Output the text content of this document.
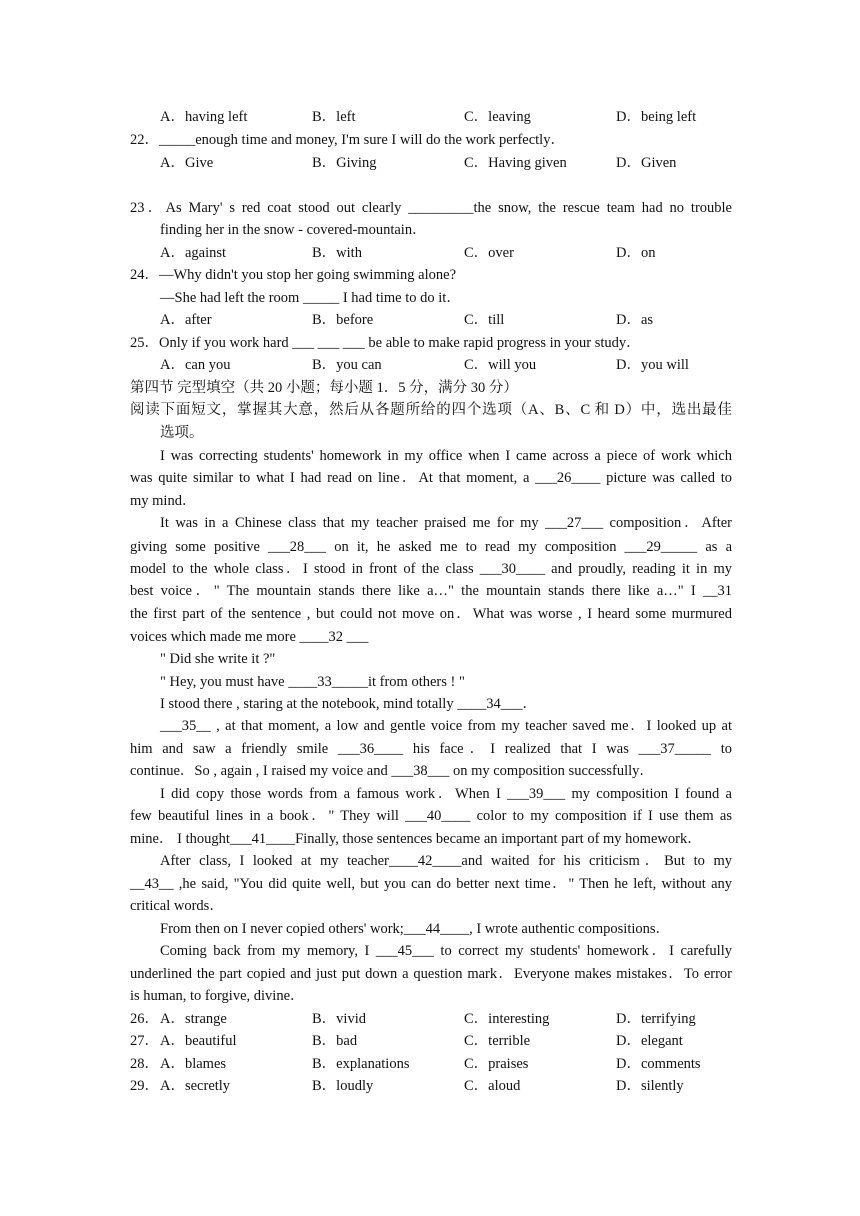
A．having left	B．left	C．leaving	D．being left
22．_____enough time and money, I'm sure I will do the work perfectly．
A．Give	B．Giving	C．Having given	D．Given
23．As Mary' s red coat stood out clearly _________the snow, the rescue team had no trouble
finding her in the snow - covered-mountain．
A．against	B．with	C．over	D．on
24．—Why didn't you stop her going swimming alone?
—She had left the room _____ I had time to do it．
A．after	B．before	C．till	D．as
25．Only if you work hard ___ ___ ___ be able to make rapid progress in your study．
A．can you	B．you can	C．will you	D．you will
第四节 完型填空（共 20 小题；每小题 1．5 分，满分 30 分）
阅读下面短文，掌握其大意，然后从各题所给的四个选项（A、B、C 和 D）中，选出最佳
选项。
I was correcting students' homework in my office when I came across a piece of work which
was quite similar to what I had read on line．At that moment, a ___26____ picture was called to
my mind．
It was in a Chinese class that my teacher praised me for my ___27___ composition．After
giving some positive ___28___ on it, he asked me to read my composition ___29_____ as a
model to the whole class．I stood in front of the class ___30____ and proudly, reading it in my
best voice．" The mountain stands there like a…" the mountain stands there like a…" I __31
the first part of the sentence , but could not move on．What was worse , I heard some murmured
voices which made me more ____32 ___
" Did she write it ?"
" Hey, you must have ____33_____it from others ! "
I stood there , staring at the notebook, mind totally ____34___．
___35__ , at that moment, a low and gentle voice from my teacher saved me．I looked up at
him and saw a friendly smile ___36____ his face．I realized that I was ___37_____ to
continue．So , again , I raised my voice and ___38___ on my composition successfully．
I did copy those words from a famous work．When I ___39___ my composition I found a
few beautiful lines in a book．" They will ___40____ color to my composition if I use them as
mine． I thought___41____Finally, those sentences became an important part of my homework．
After class, I looked at my teacher____42____and waited for his criticism．But to my
__43__ ,he said, "You did quite well, but you can do better next time．" Then he left, without any
critical words．
From then on I never copied others' work;___44____, I wrote authentic compositions．
Coming back from my memory, I ___45___ to correct my students' homework．I carefully
underlined the part copied and just put down a question mark．Everyone makes mistakes．To error
is human, to forgive, divine．
26． A．strange	B．vivid	C．interesting	D．terrifying
27． A．beautiful	B．bad	C．terrible	D．elegant
28． A．blames	B．explanations	C．praises	D．comments
29． A．secretly	B．loudly	C．aloud	D．silently
